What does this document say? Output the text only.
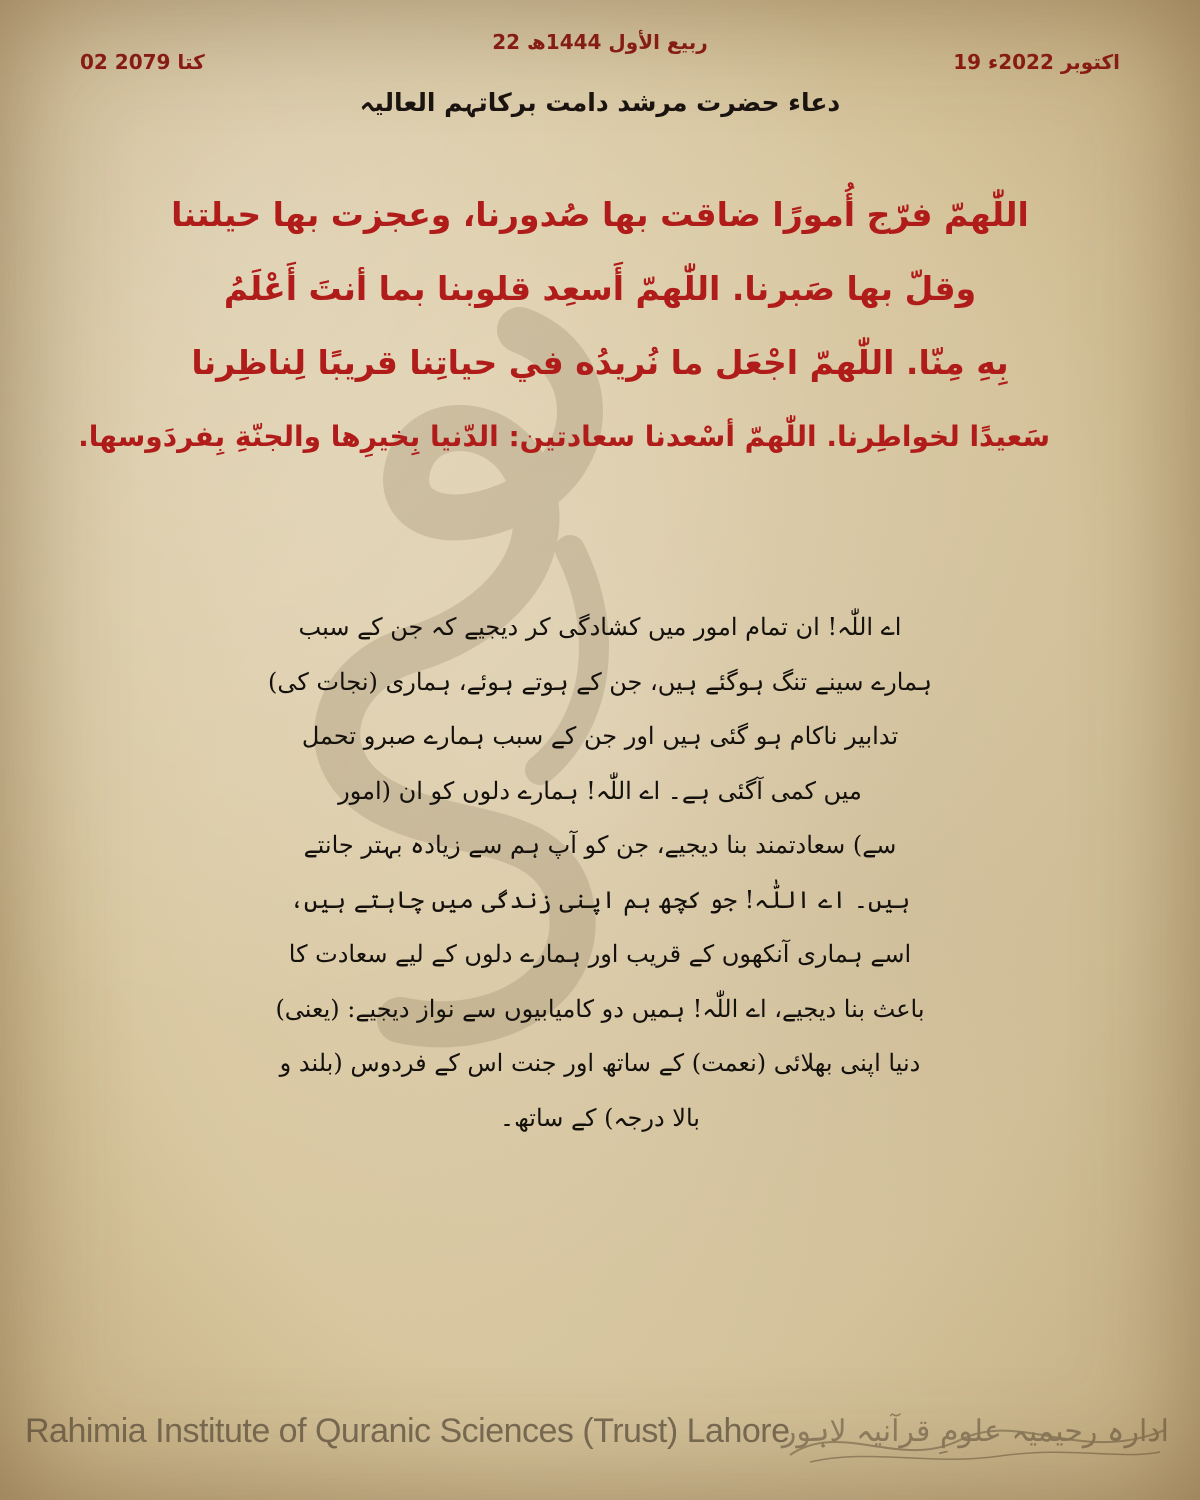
22 ربیع الأول 1444ھ
19 اکتوبر 2022ء
02 کتا 2079
دعاء حضرت مرشد دامت برکاتہم العالیہ
اللّٰهمّ فرّج أُمورًا ضاقت بها صُدورنا، وعجزت بها حيلتنا
وقلّ بها صَبرنا. اللّٰهمّ أَسعِد قلوبنا بما أنتَ أَعْلَمُ
بِهِ مِنّا. اللّٰهمّ اجْعَل ما نُريدُه في حياتِنا قريبًا لِناظِرنا
سَعيدًا لخواطِرنا. اللّٰهمّ أسْعدنا سعادتين: الدّنيا بِخيرِها والجنّةِ بِفردَوسها.
اے اللّٰہ! ان تمام امور میں کشادگی کر دیجیے کہ جن کے سبب
ہمارے سینے تنگ ہوگئے ہیں، جن کے ہوتے ہوئے، ہماری (نجات کی)
تدابیر ناکام ہو گئی ہیں اور جن کے سبب ہمارے صبرو تحمل
میں کمی آگئی ہے۔ اے اللّٰہ! ہمارے دلوں کو ان (امور
سے) سعادتمند بنا دیجیے، جن کو آپ ہم سے زیادہ بہتر جانتے
ہیں۔ اے اللّٰہ! جو کچھ ہم اپنی زندگی میں چاہتے ہیں،
اسے ہماری آنکھوں کے قریب اور ہمارے دلوں کے لیے سعادت کا
باعث بنا دیجیے، اے اللّٰہ! ہمیں دو کامیابیوں سے نواز دیجیے: (یعنی)
دنیا اپنی بھلائی (نعمت) کے ساتھ اور جنت اس کے فردوس (بلند و
بالا درجہ) کے ساتھ۔
Rahimia Institute of Quranic Sciences (Trust) Lahore
ادارہ رحیمیہ علومِ قرآنیہ لاہور
